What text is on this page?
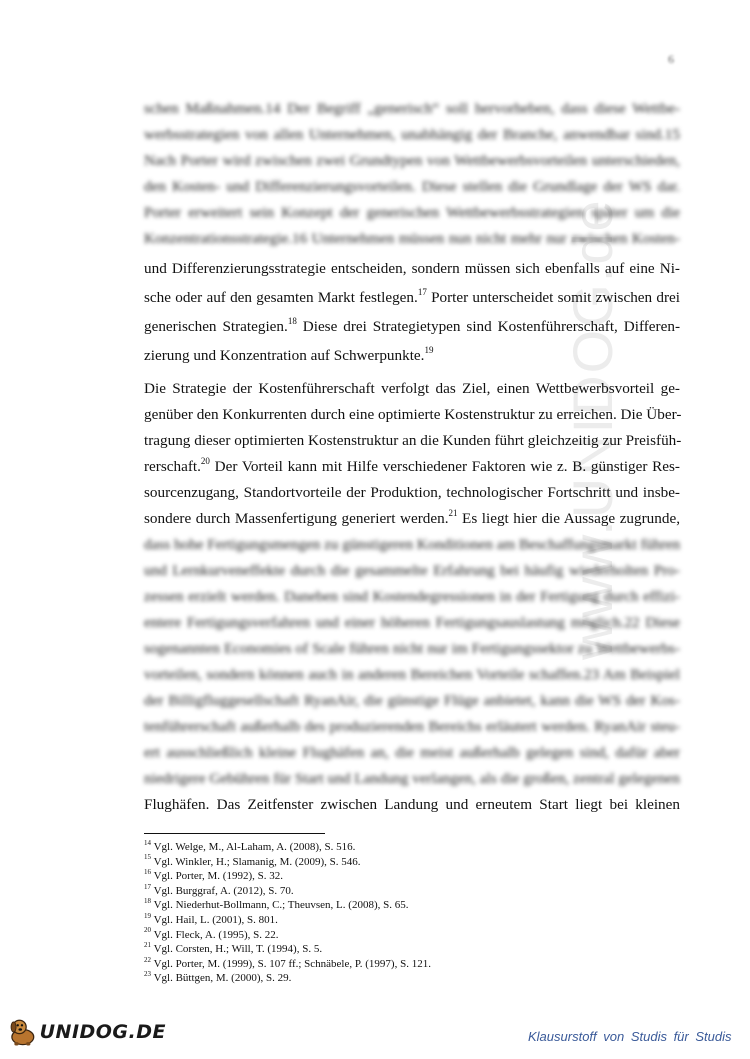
6
www.UNIDOG.de
schen Maßnahmen.14 Der Begriff „generisch“ soll hervorheben, dass diese Wettbe-
werbsstrategien von allen Unternehmen, unabhängig der Branche, anwendbar sind.15
Nach Porter wird zwischen zwei Grundtypen von Wettbewerbsvorteilen unterschieden,
den Kosten- und Differenzierungsvorteilen. Diese stellen die Grundlage der WS dar.
Porter erweitert sein Konzept der generischen Wettbewerbsstrategien später um die
Konzentrationsstrategie.16 Unternehmen müssen nun nicht mehr nur zwischen Kosten-
und Differenzierungsstrategie entscheiden, sondern müssen sich ebenfalls auf eine Ni-
sche oder auf den gesamten Markt festlegen.$^{17}$ Porter unterscheidet somit zwischen drei
generischen Strategien.$^{18}$ Diese drei Strategietypen sind Kostenführerschaft, Differen-
zierung und Konzentration auf Schwerpunkte.$^{19}$
Die Strategie der Kostenführerschaft verfolgt das Ziel, einen Wettbewerbsvorteil ge-
genüber den Konkurrenten durch eine optimierte Kostenstruktur zu erreichen. Die Über-
tragung dieser optimierten Kostenstruktur an die Kunden führt gleichzeitig zur Preisfüh-
rerschaft.$^{20}$ Der Vorteil kann mit Hilfe verschiedener Faktoren wie z. B. günstiger Res-
sourcenzugang, Standortvorteile der Produktion, technologischer Fortschritt und insbe-
sondere durch Massenfertigung generiert werden.$^{21}$ Es liegt hier die Aussage zugrunde,
dass hohe Fertigungsmengen zu günstigeren Konditionen am Beschaffungsmarkt führen
und Lernkurveneffekte durch die gesammelte Erfahrung bei häufig wiederholten Pro-
zessen erzielt werden. Daneben sind Kostendegressionen in der Fertigung durch effizi-
entere Fertigungsverfahren und einer höheren Fertigungsauslastung möglich.22 Diese
sogenannten Economies of Scale führen nicht nur im Fertigungssektor zu Wettbewerbs-
vorteilen, sondern können auch in anderen Bereichen Vorteile schaffen.23 Am Beispiel
der Billigfluggesellschaft RyanAir, die günstige Flüge anbietet, kann die WS der Kos-
tenführerschaft außerhalb des produzierenden Bereichs erläutert werden. RyanAir steu-
ert ausschließlich kleine Flughäfen an, die meist außerhalb gelegen sind, dafür aber
niedrigere Gebühren für Start und Landung verlangen, als die großen, zentral gelegenen
Flughäfen. Das Zeitfenster zwischen Landung und erneutem Start liegt bei kleinen
$^{14}$ Vgl. Welge, M., Al-Laham, A. (2008), S. 516.
$^{15}$ Vgl. Winkler, H.; Slamanig, M. (2009), S. 546.
$^{16}$ Vgl. Porter, M. (1992), S. 32.
$^{17}$ Vgl. Burggraf, A. (2012), S. 70.
$^{18}$ Vgl. Niederhut-Bollmann, C.; Theuvsen, L. (2008), S. 65.
$^{19}$ Vgl. Hail, L. (2001), S. 801.
$^{20}$ Vgl. Fleck, A. (1995), S. 22.
$^{21}$ Vgl. Corsten, H.; Will, T. (1994), S. 5.
$^{22}$ Vgl. Porter, M. (1999), S. 107 ff.; Schnäbele, P. (1997), S. 121.
$^{23}$ Vgl. Büttgen, M. (2000), S. 29.
UNIDOG.DE	Klausurstoff von Studis für Studis
